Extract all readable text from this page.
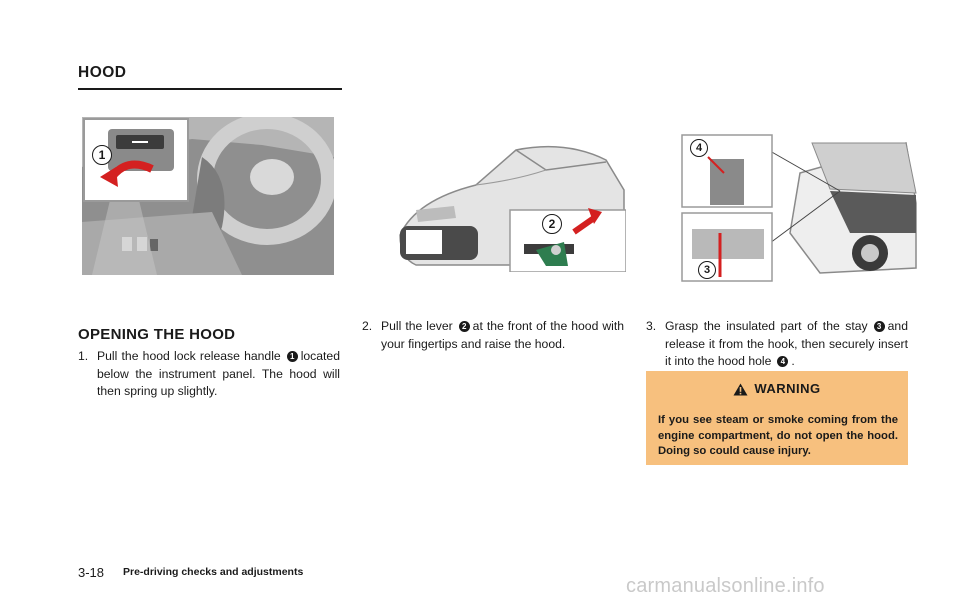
HOOD
1
2
4
3
OPENING THE HOOD
1. Pull the hood lock release handle 1 located below the instrument panel. The hood will then spring up slightly.
2. Pull the lever 2 at the front of the hood with your fingertips and raise the hood.
3. Grasp the insulated part of the stay 3 and release it from the hook, then securely insert it into the hood hole 4 .
WARNING
If you see steam or smoke coming from the engine compartment, do not open the hood. Doing so could cause injury.
3-18 Pre-driving checks and adjustments
carmanualsonline.info
